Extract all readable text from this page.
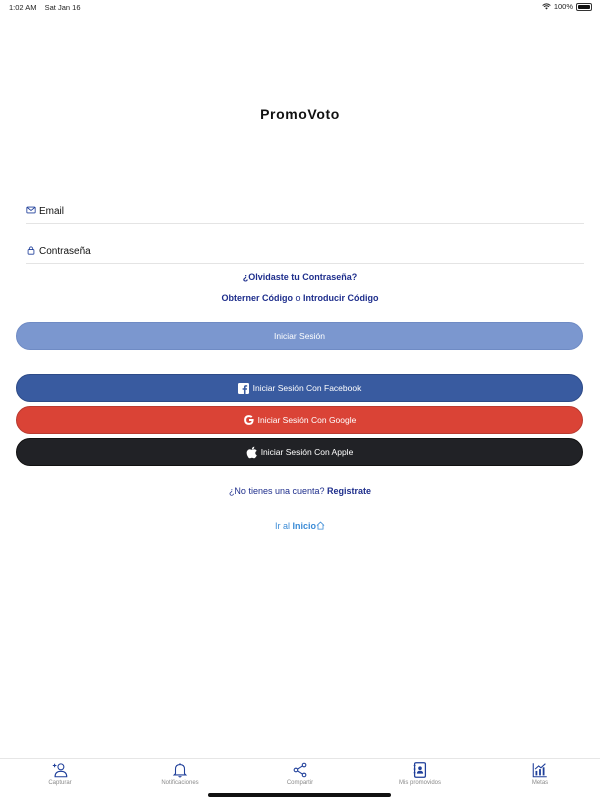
1:02 AM Sat Jan 16	100%
PromoVoto
Email
¿Olvidaste tu Contraseña?
Obterner Código o Introducir Código
Iniciar Sesión
Iniciar Sesión Con Facebook
Iniciar Sesión Con Google
Iniciar Sesión Con Apple
¿No tienes una cuenta? Registrate
Ir al Inicio
Capturar	Notificaciones	Compartir	Mis promovidos	Metas
